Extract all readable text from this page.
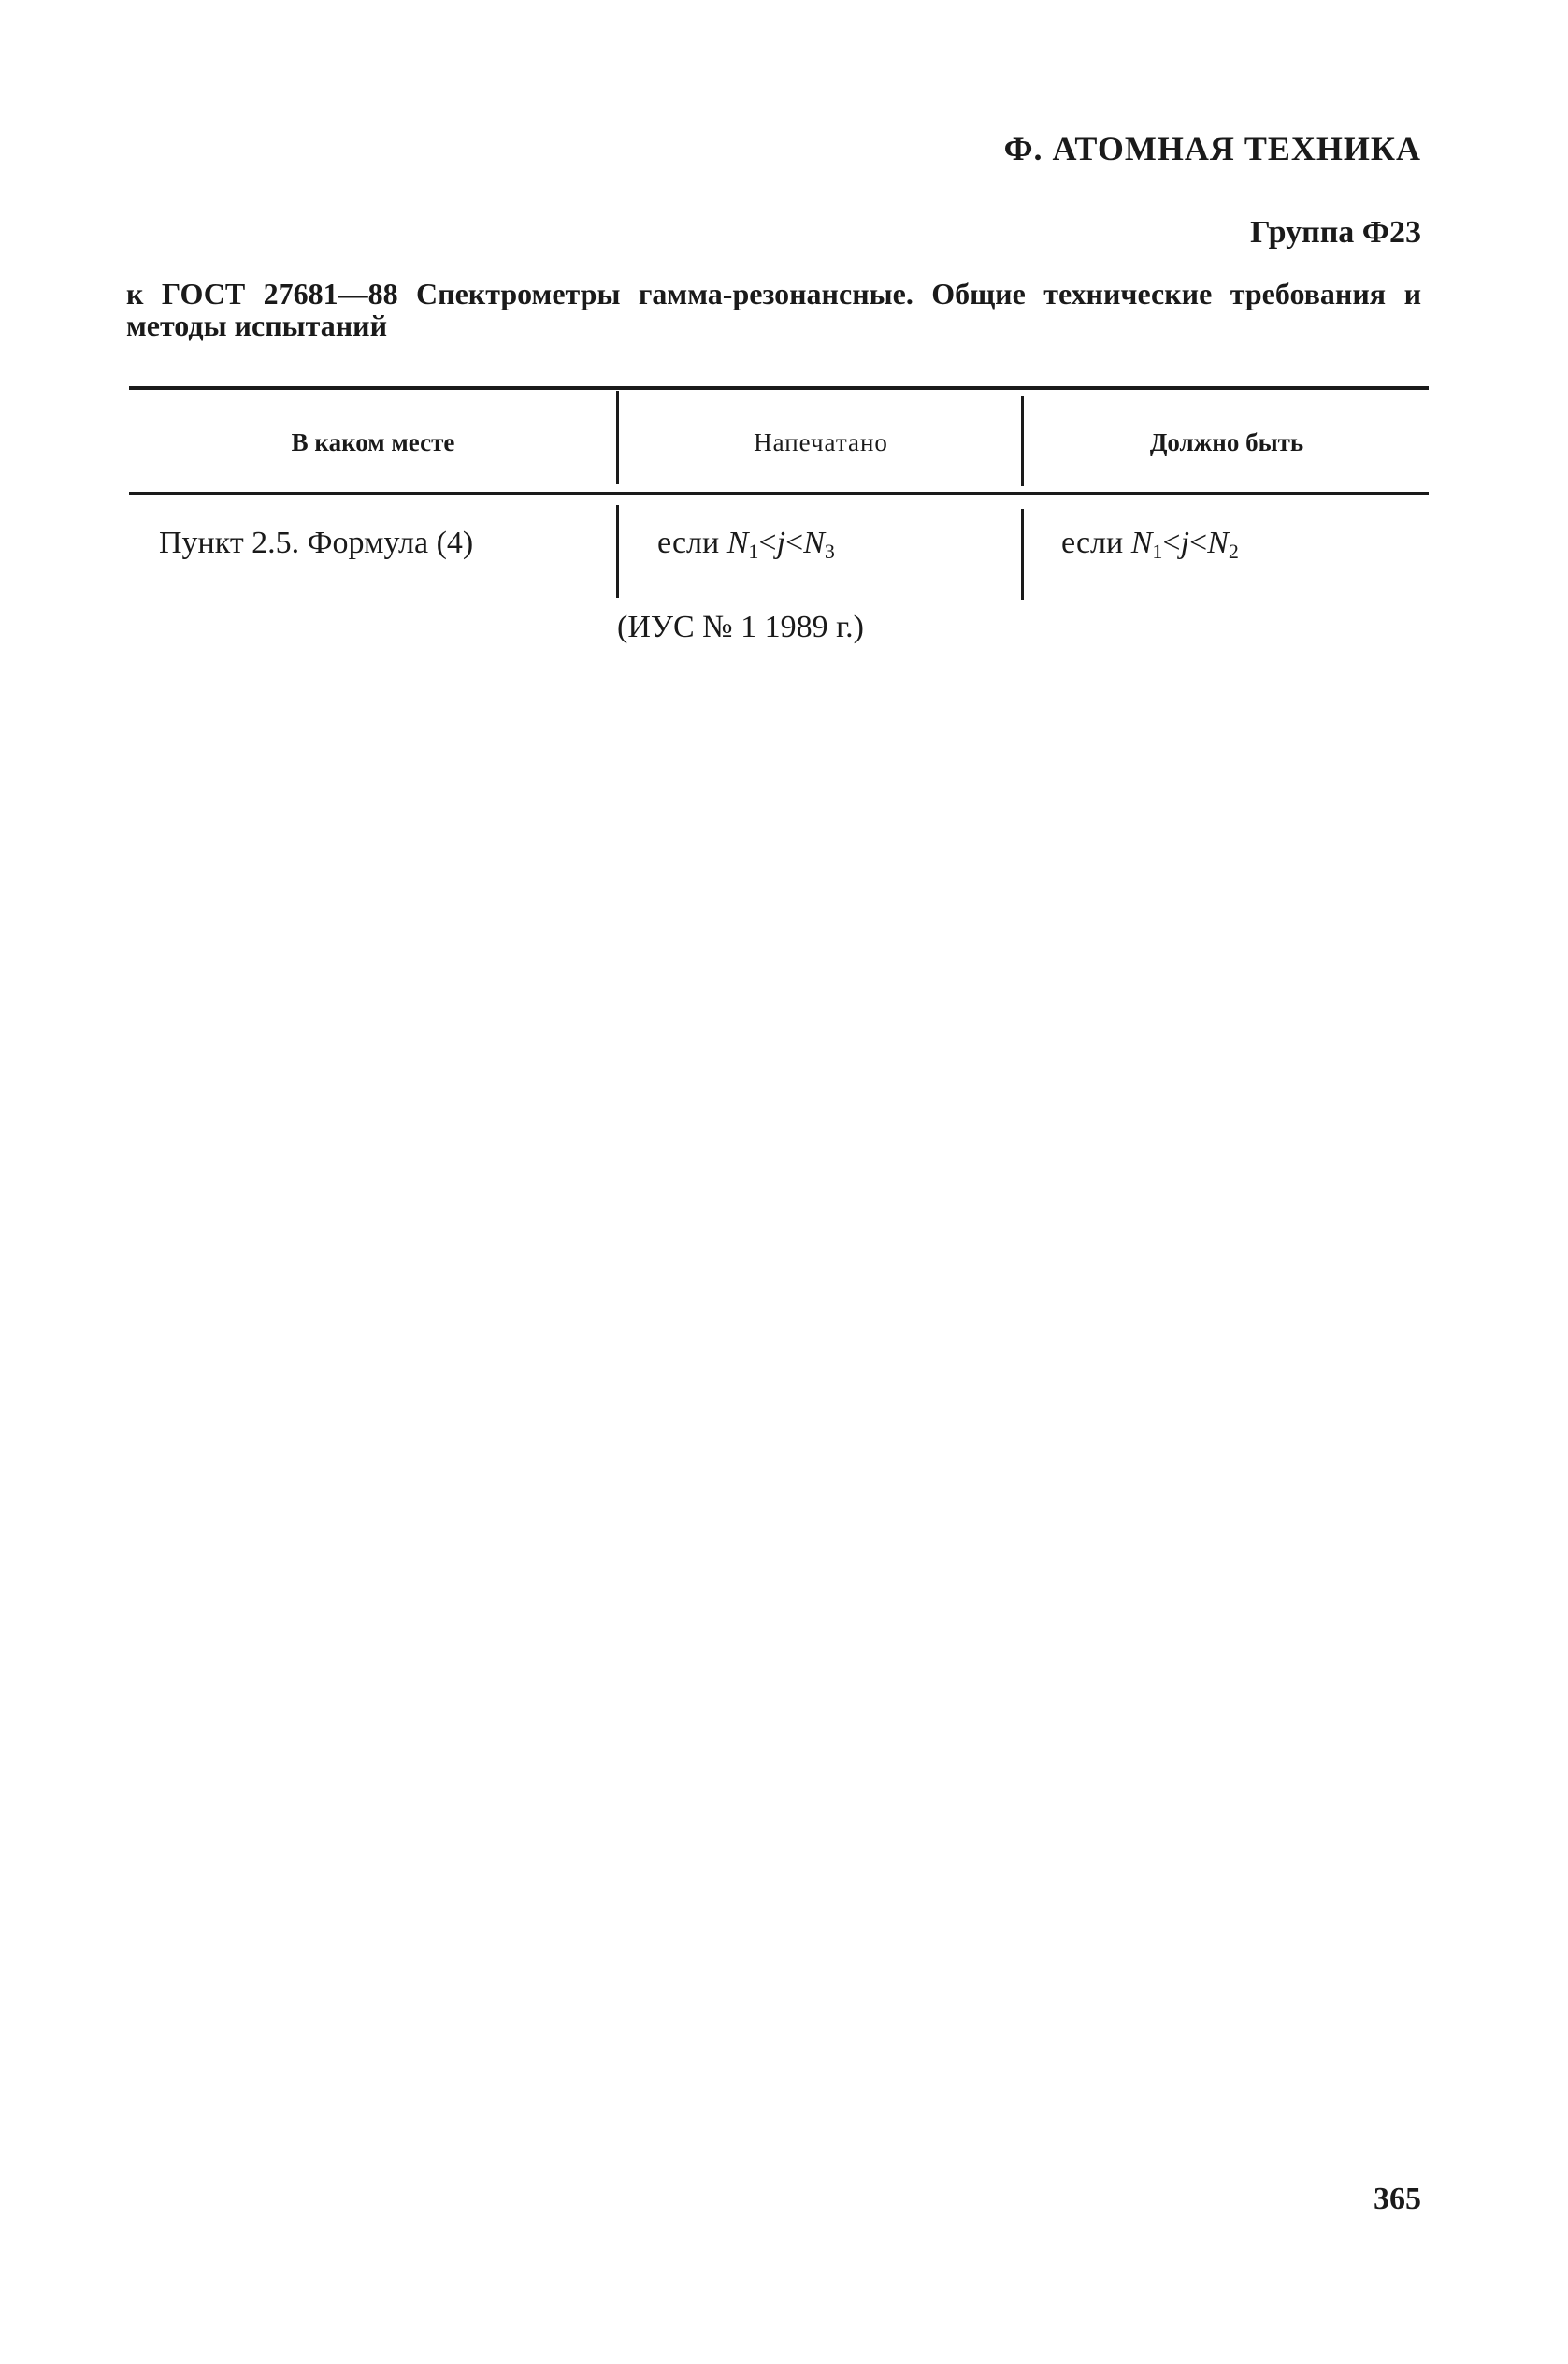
Ф. АТОМНАЯ ТЕХНИКА
Группа Ф23
к ГОСТ 27681—88 Спектрометры гамма-резонансные. Общие технические требования и методы испытаний
В каком месте	Напечатано	Должно быть
Пункт 2.5. Формула (4)	если $N_1<j<N_3$	если $N_1<j<N_2$
(ИУС № 1 1989 г.)
365
